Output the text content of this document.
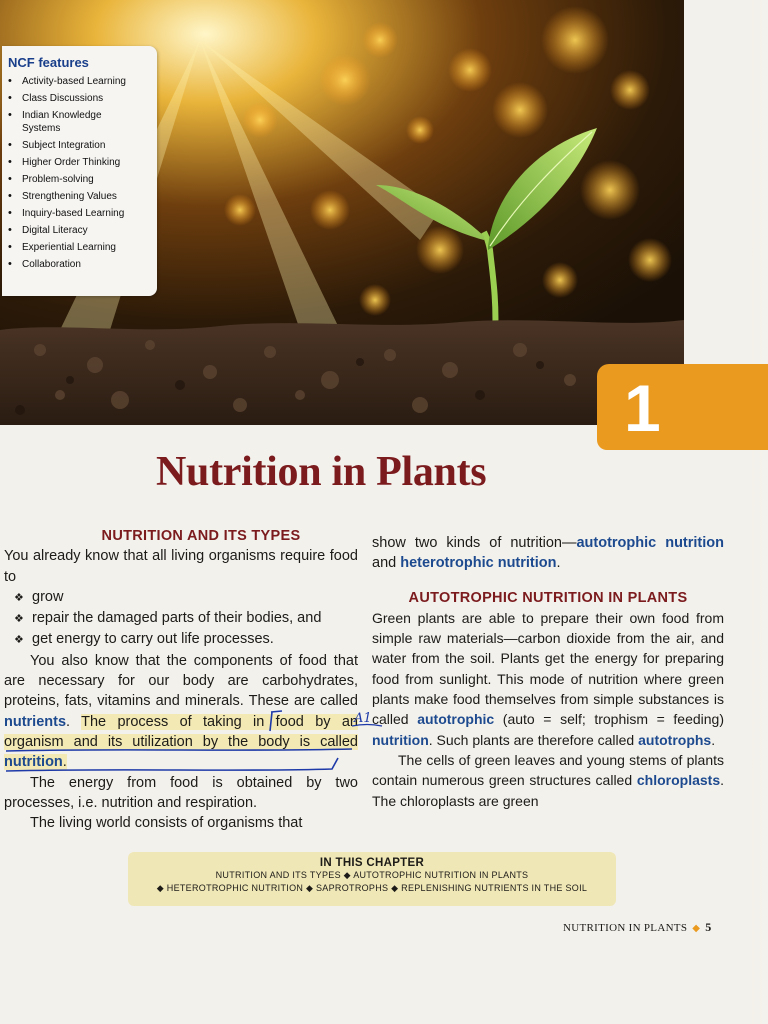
NCF features
• Activity-based Learning
• Class Discussions
• Indian Knowledge Systems
• Subject Integration
• Higher Order Thinking
• Problem-solving
• Strengthening Values
• Inquiry-based Learning
• Digital Literacy
• Experiential Learning
• Collaboration
1
Nutrition in Plants
NUTRITION AND ITS TYPES

You already know that all living organisms require food to

❖ grow
❖ repair the damaged parts of their bodies, and
❖ get energy to carry out life processes.

You also know that the components of food that are necessary for our body are carbohydrates, proteins, fats, vitamins and minerals. These are called nutrients. The process of taking in food by an organism and its utilization by the body is called nutrition.

The energy from food is obtained by two processes, i.e. nutrition and respiration.

The living world consists of organisms that

show two kinds of nutrition—autotrophic nutrition and heterotrophic nutrition.

AUTOTROPHIC NUTRITION IN PLANTS

Green plants are able to prepare their own food from simple raw materials—carbon dioxide from the air, and water from the soil. Plants get the energy for preparing food from sunlight. This mode of nutrition where green plants make food themselves from simple substances is called autotrophic (auto = self; trophism = feeding) nutrition. Such plants are therefore called autotrophs.

The cells of green leaves and young stems of plants contain numerous green structures called chloroplasts. The chloroplasts are green

A1
IN THIS CHAPTER
NUTRITION AND ITS TYPES ◆ AUTOTROPHIC NUTRITION IN PLANTS
◆ HETEROTROPHIC NUTRITION ◆ SAPROTROPHS ◆ REPLENISHING NUTRIENTS IN THE SOIL
NUTRITION IN PLANTS ◆ 5
